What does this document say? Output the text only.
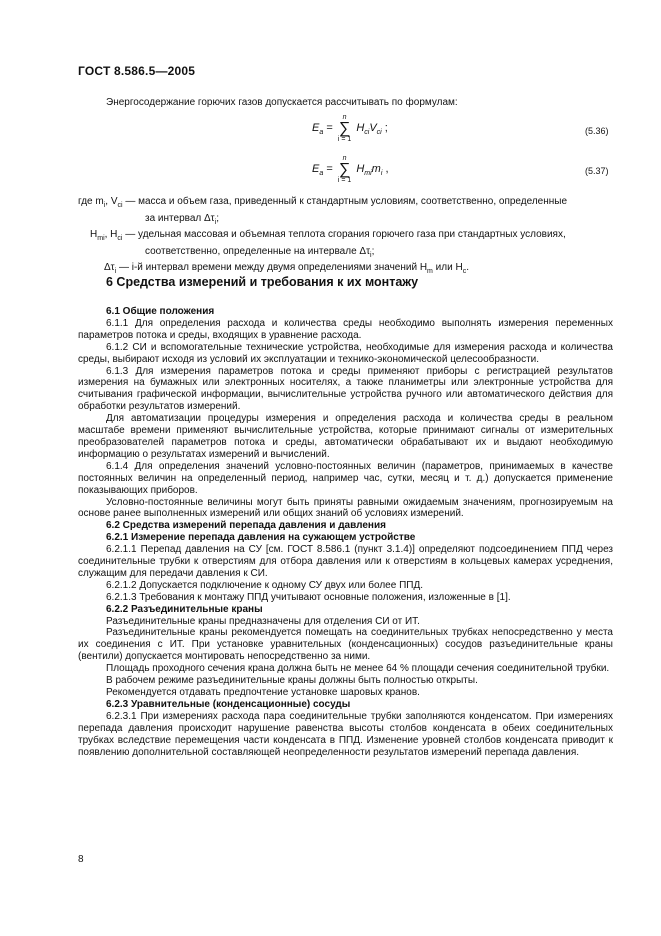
ГОСТ 8.586.5—2005
Энергосодержание горючих газов допускается рассчитывать по формулам:
$E_a$ =
n
∑
i = 1
$H_{ci}V_{ci}$ ;	(5.36)
$E_a$ =
n
∑
i = 1
$H_{mi}m_i$ ,	(5.37)
где $m_i$, $V_{ci}$ — масса и объем газа, приведенный к стандартным условиям, соответственно, определенные
за интервал $\Delta\tau_i$;
$H_{mi}$, $H_{ci}$ — удельная массовая и объемная теплота сгорания горючего газа при стандартных условиях,
соответственно, определенные на интервале $\Delta\tau_i$;
$\Delta\tau_i$ — i-й интервал времени между двумя определениями значений $H_m$ или $H_c$.
6 Средства измерений и требования к их монтажу

6.1 Общие положения

6.1.1 Для определения расхода и количества среды необходимо выполнять измерения переменных параметров потока и среды, входящих в уравнение расхода.

6.1.2 СИ и вспомогательные технические устройства, необходимые для измерения расхода и количества среды, выбирают исходя из условий их эксплуатации и технико-экономической целесообразности.

6.1.3 Для измерения параметров потока и среды применяют приборы с регистрацией результатов измерения на бумажных или электронных носителях, а также планиметры или электронные устройства для считывания графической информации, вычислительные устройства ручного или автоматического действия для обработки результатов измерений.

Для автоматизации процедуры измерения и определения расхода и количества среды в реальном масштабе времени применяют вычислительные устройства, которые принимают сигналы от измерительных преобразователей параметров потока и среды, автоматически обрабатывают их и выдают необходимую информацию о результатах измерений и вычислений.

6.1.4 Для определения значений условно-постоянных величин (параметров, принимаемых в качестве постоянных величин на определенный период, например час, сутки, месяц и т. д.) допускается применение показывающих приборов.

Условно-постоянные величины могут быть приняты равными ожидаемым значениям, прогнозируемым на основе ранее выполненных измерений или общих знаний об условиях измерений.

6.2 Средства измерений перепада давления и давления

6.2.1 Измерение перепада давления на сужающем устройстве

6.2.1.1 Перепад давления на СУ [см. ГОСТ 8.586.1 (пункт 3.1.4)] определяют подсоединением ППД через соединительные трубки к отверстиям для отбора давления или к отверстиям в кольцевых камерах усреднения, служащим для передачи давления к СИ.

6.2.1.2 Допускается подключение к одному СУ двух или более ППД.

6.2.1.3 Требования к монтажу ППД учитывают основные положения, изложенные в [1].

6.2.2 Разъединительные краны

Разъединительные краны предназначены для отделения СИ от ИТ.

Разъединительные краны рекомендуется помещать на соединительных трубках непосредственно у места их соединения с ИТ. При установке уравнительных (конденсационных) сосудов разъединительные краны (вентили) допускается монтировать непосредственно за ними.

Площадь проходного сечения крана должна быть не менее 64 % площади сечения соединительной трубки.

В рабочем режиме разъединительные краны должны быть полностью открыты.

Рекомендуется отдавать предпочтение установке шаровых кранов.

6.2.3 Уравнительные (конденсационные) сосуды

6.2.3.1 При измерениях расхода пара соединительные трубки заполняются конденсатом. При измерениях перепада давления происходит нарушение равенства высоты столбов конденсата в обеих соединительных трубках вследствие перемещения части конденсата в ППД. Изменение уровней столбов конденсата приводит к появлению дополнительной составляющей неопределенности результатов измерений перепада давления.

8
